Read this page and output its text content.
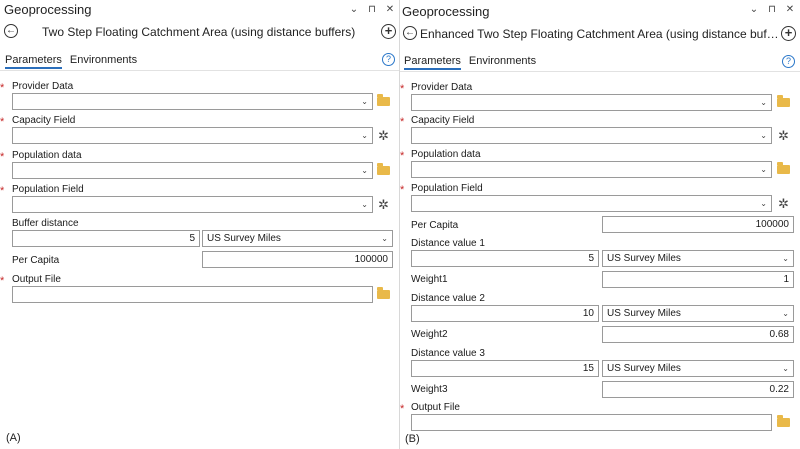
Geoprocessing	⌄ ⊓ ✕
← Two Step Floating Catchment Area (using distance buffers) +
Parameters Environments	?
* Provider Data
⌄
* Capacity Field
⌄ ✲
* Population data
⌄
* Population Field
⌄ ✲
Buffer distance
5 US Survey Miles	⌄
Per Capita	100000
* Output File
(A)
Geoprocessing	⌄ ⊓ ✕
← Enhanced Two Step Floating Catchment Area (using distance buf… +
Parameters Environments	?
* Provider Data
⌄
* Capacity Field
⌄ ✲
* Population data
⌄
* Population Field
⌄ ✲
Per Capita	100000
Distance value 1
5 US Survey Miles	⌄
Weight1	1
Distance value 2
10 US Survey Miles	⌄
Weight2	0.68
Distance value 3
15 US Survey Miles	⌄
Weight3	0.22
* Output File
(B)
